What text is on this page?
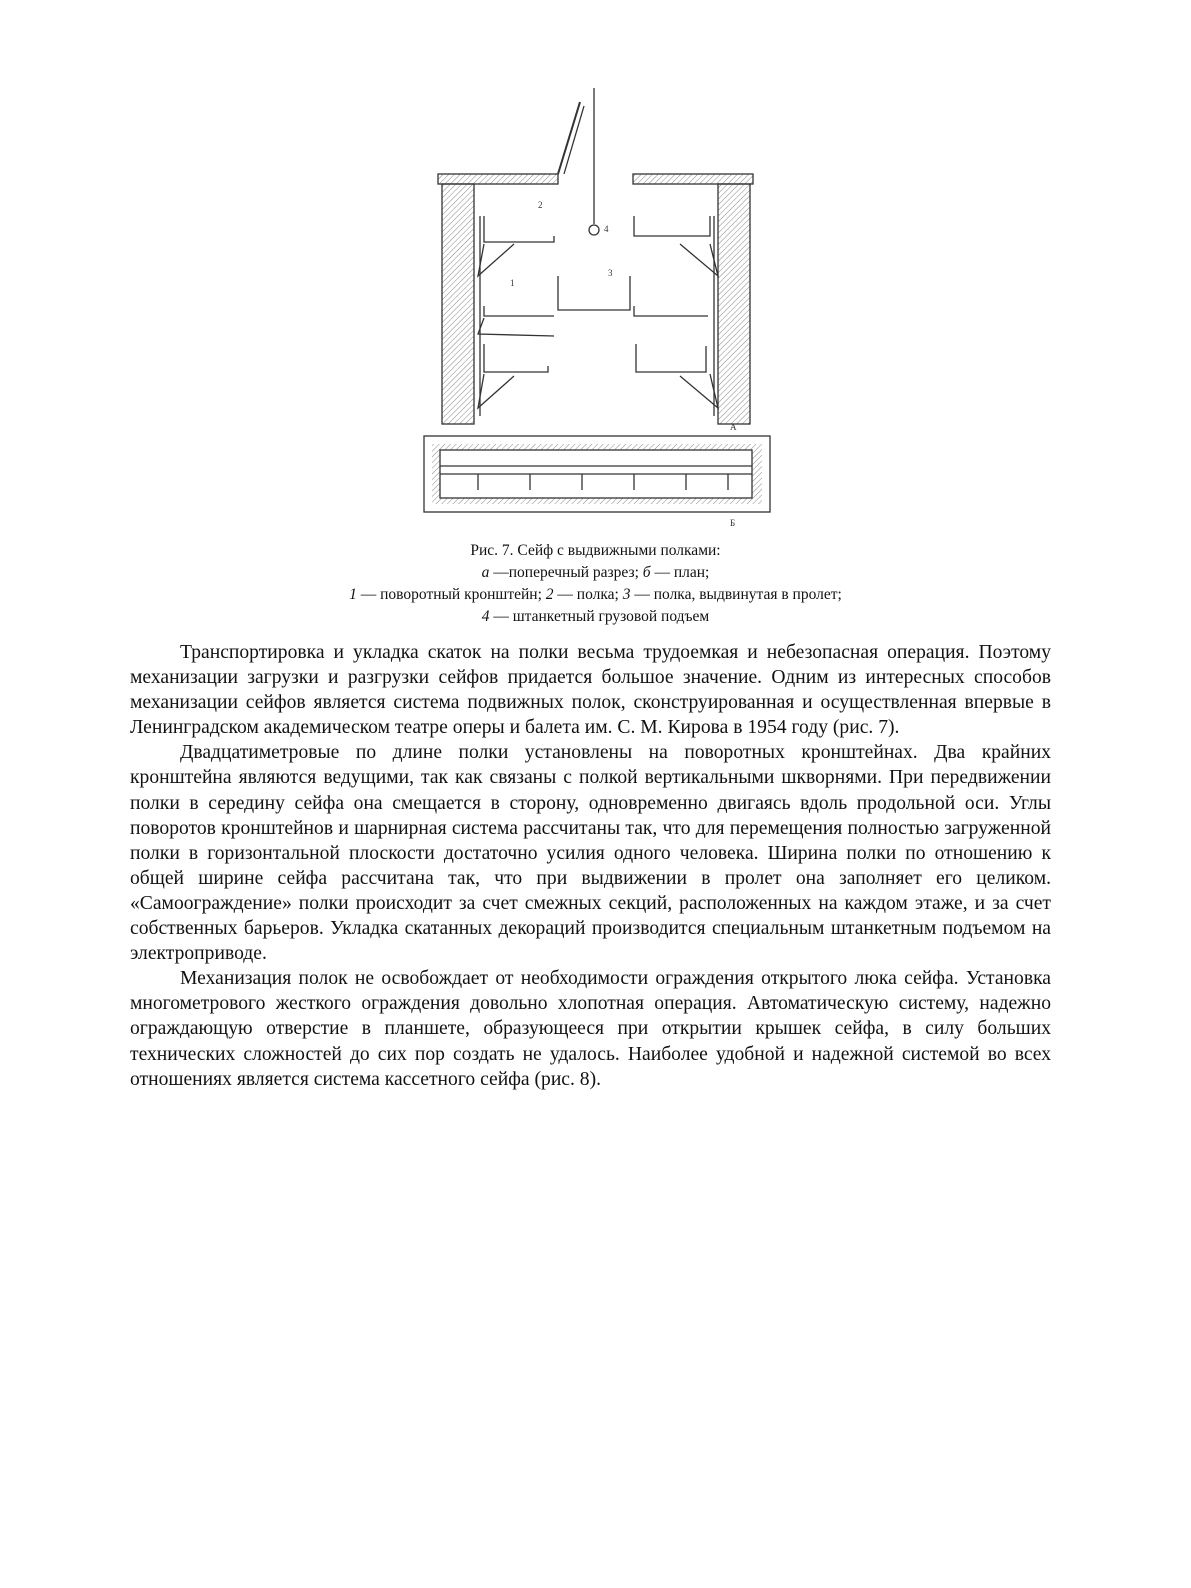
2
1
3
4
А
Б
Рис. 7. Сейф с выдвижными полками:
а —поперечный разрез; б — план;
1 — поворотный кронштейн; 2 — полка; 3 — полка, выдвинутая в пролет;
4 — штанкетный грузовой подъем

Транспортировка и укладка скаток на полки весьма трудоемкая и небезопасная операция. Поэтому механизации загрузки и разгрузки сейфов придается большое значение. Одним из интересных способов механизации сейфов является система подвижных полок, сконструированная и осуществленная впервые в Ленинградском академическом театре оперы и балета им. С. М. Кирова в 1954 году (рис. 7).

Двадцатиметровые по длине полки установлены на поворотных кронштейнах. Два крайних кронштейна являются ведущими, так как связаны с полкой вертикальными шкворнями. При передвижении полки в середину сейфа она смещается в сторону, одновременно двигаясь вдоль продольной оси. Углы поворотов кронштейнов и шарнирная система рассчитаны так, что для перемещения полностью загруженной полки в горизонтальной плоскости достаточно усилия одного человека. Ширина полки по отношению к общей ширине сейфа рассчитана так, что при выдвижении в пролет она заполняет его целиком. «Самоограждение» полки происходит за счет смежных секций, расположенных на каждом этаже, и за счет собственных барьеров. Укладка скатанных декораций производится специальным штанкетным подъемом на электроприводе.

Механизация полок не освобождает от необходимости ограждения открытого люка сейфа. Установка многометрового жесткого ограждения довольно хлопотная операция. Автоматическую систему, надежно ограждающую отверстие в планшете, образующееся при открытии крышек сейфа, в силу больших технических сложностей до сих пор создать не удалось. Наиболее удобной и надежной системой во всех отношениях является система кассетного сейфа (рис. 8).
